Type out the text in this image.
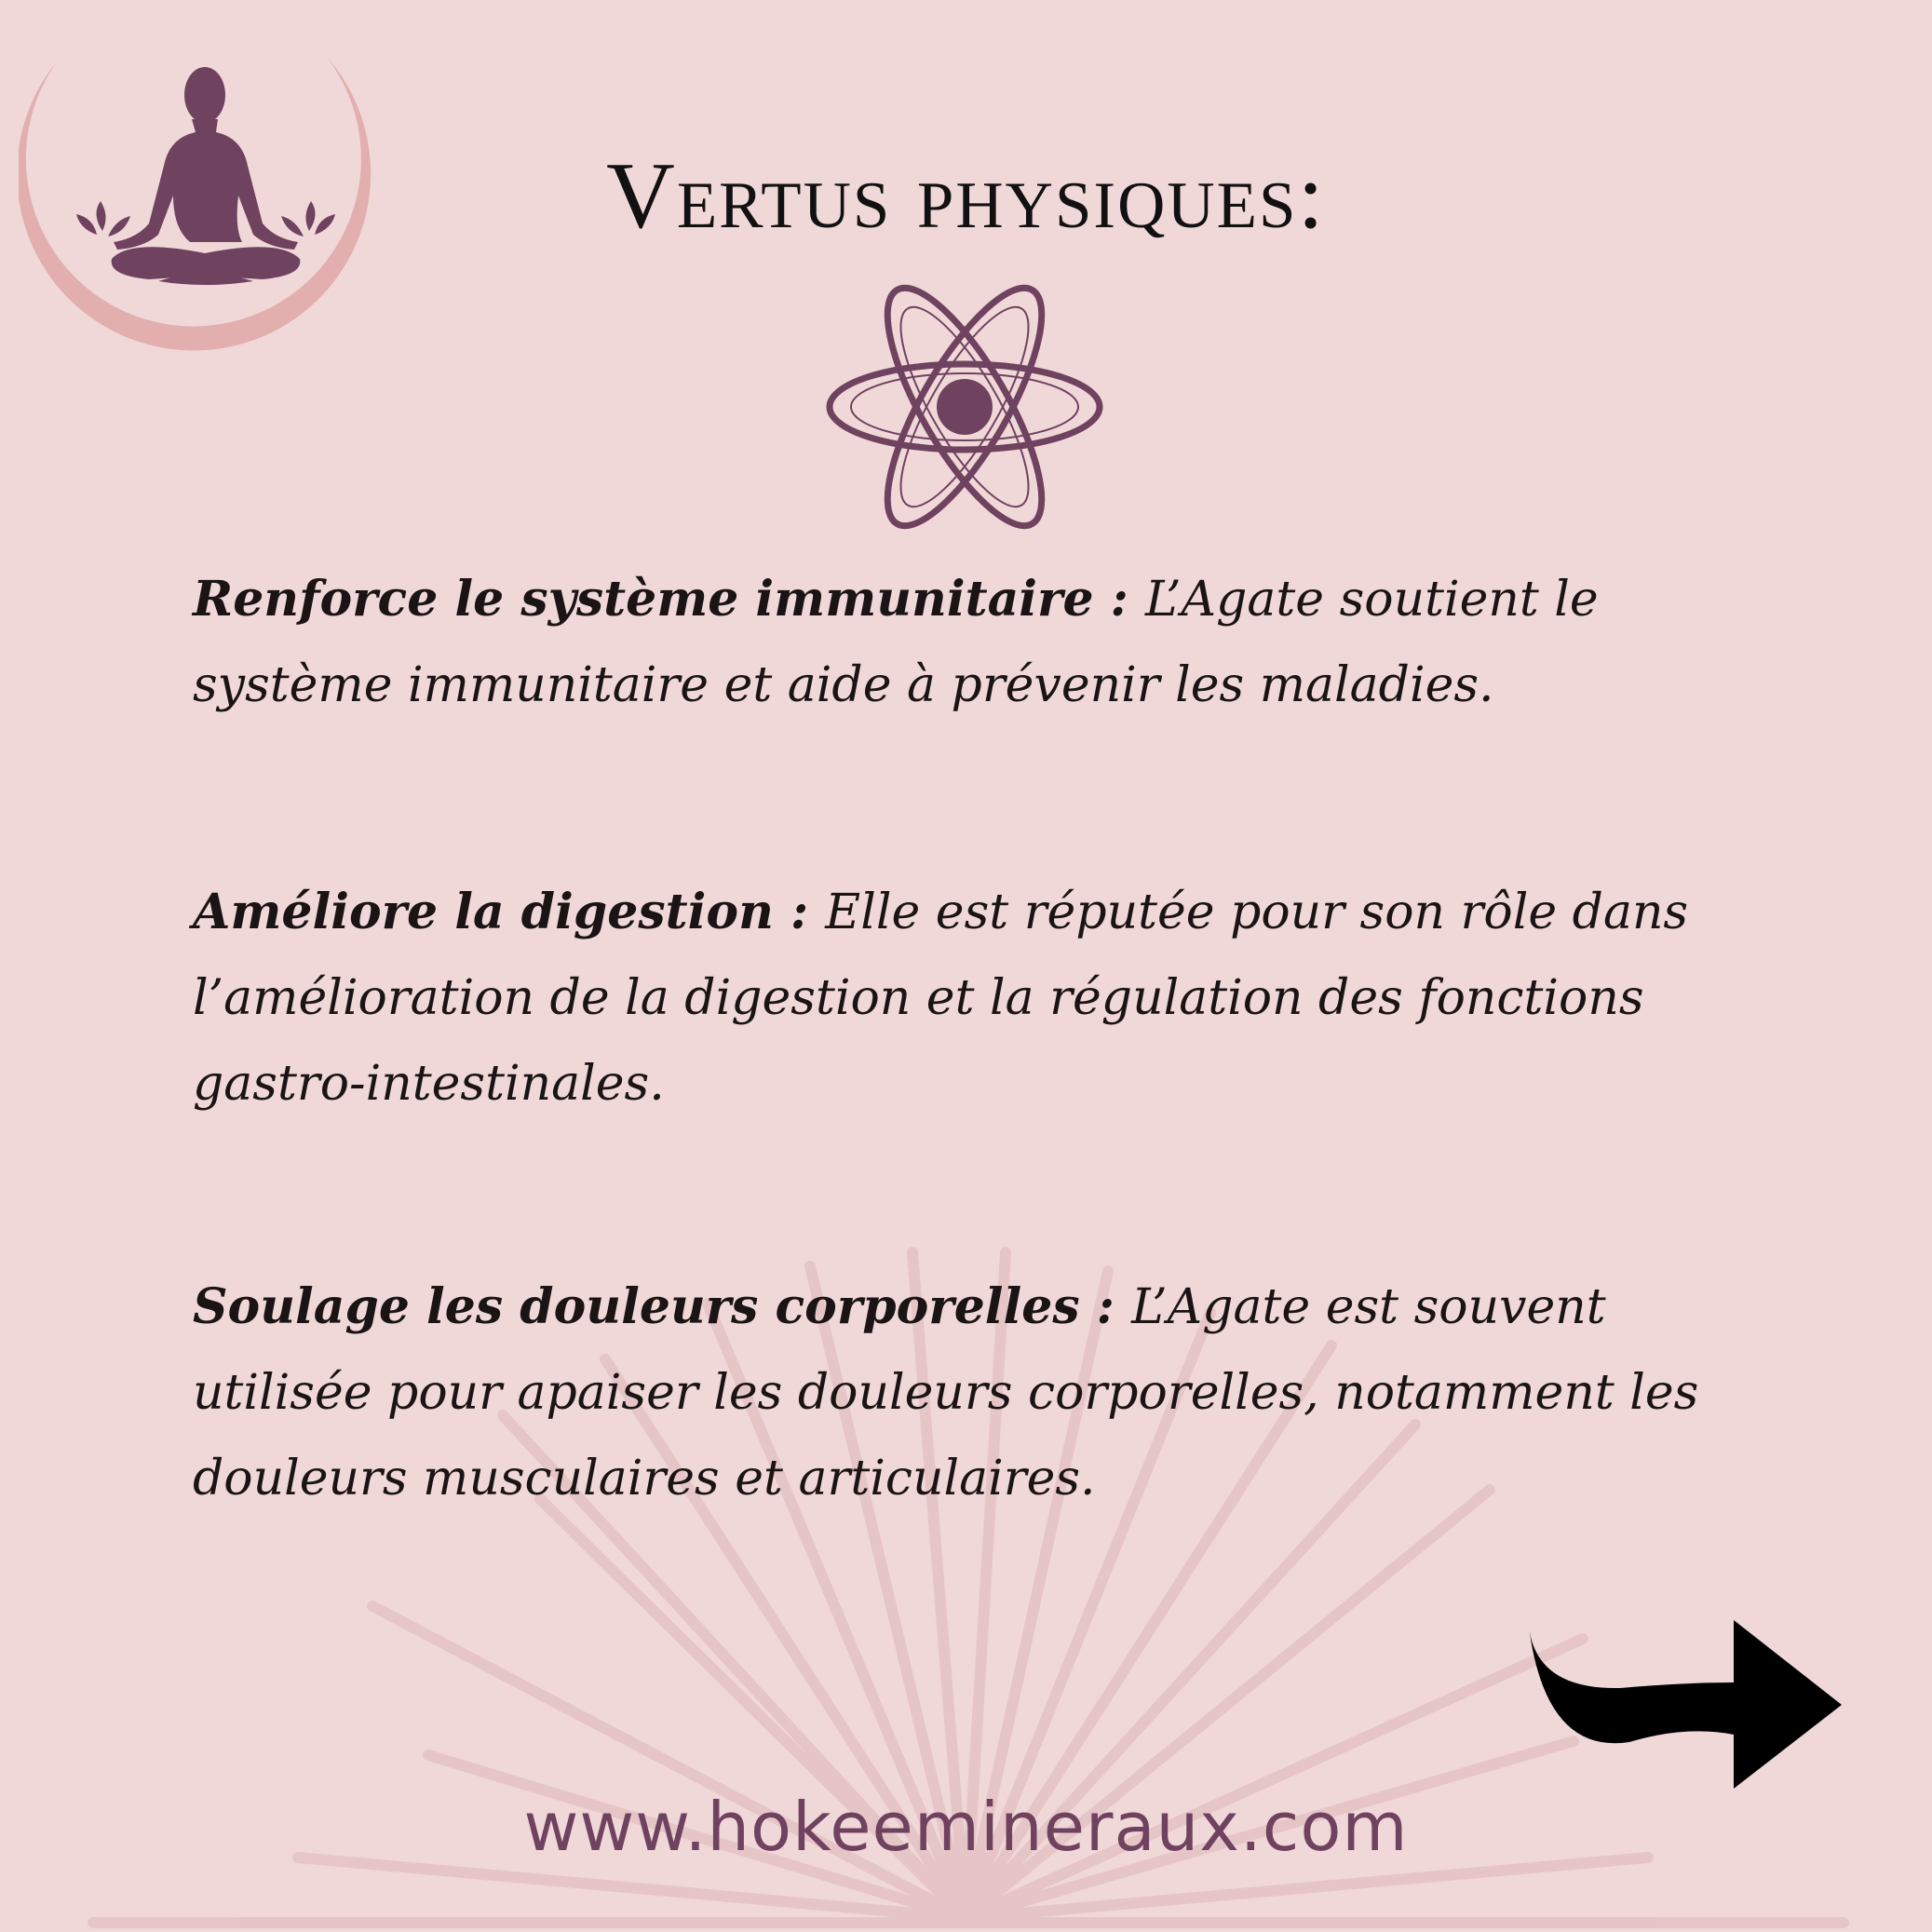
Vertus physiques:
Renforce le système immunitaire : L’Agate soutient le système immunitaire et aide à prévenir les maladies.
Améliore la digestion : Elle est réputée pour son rôle dans l’amélioration de la digestion et la régulation des fonctions gastro-intestinales.
Soulage les douleurs corporelles : L’Agate est souvent utilisée pour apaiser les douleurs corporelles, notamment les douleurs musculaires et articulaires.
www.hokeemineraux.com
